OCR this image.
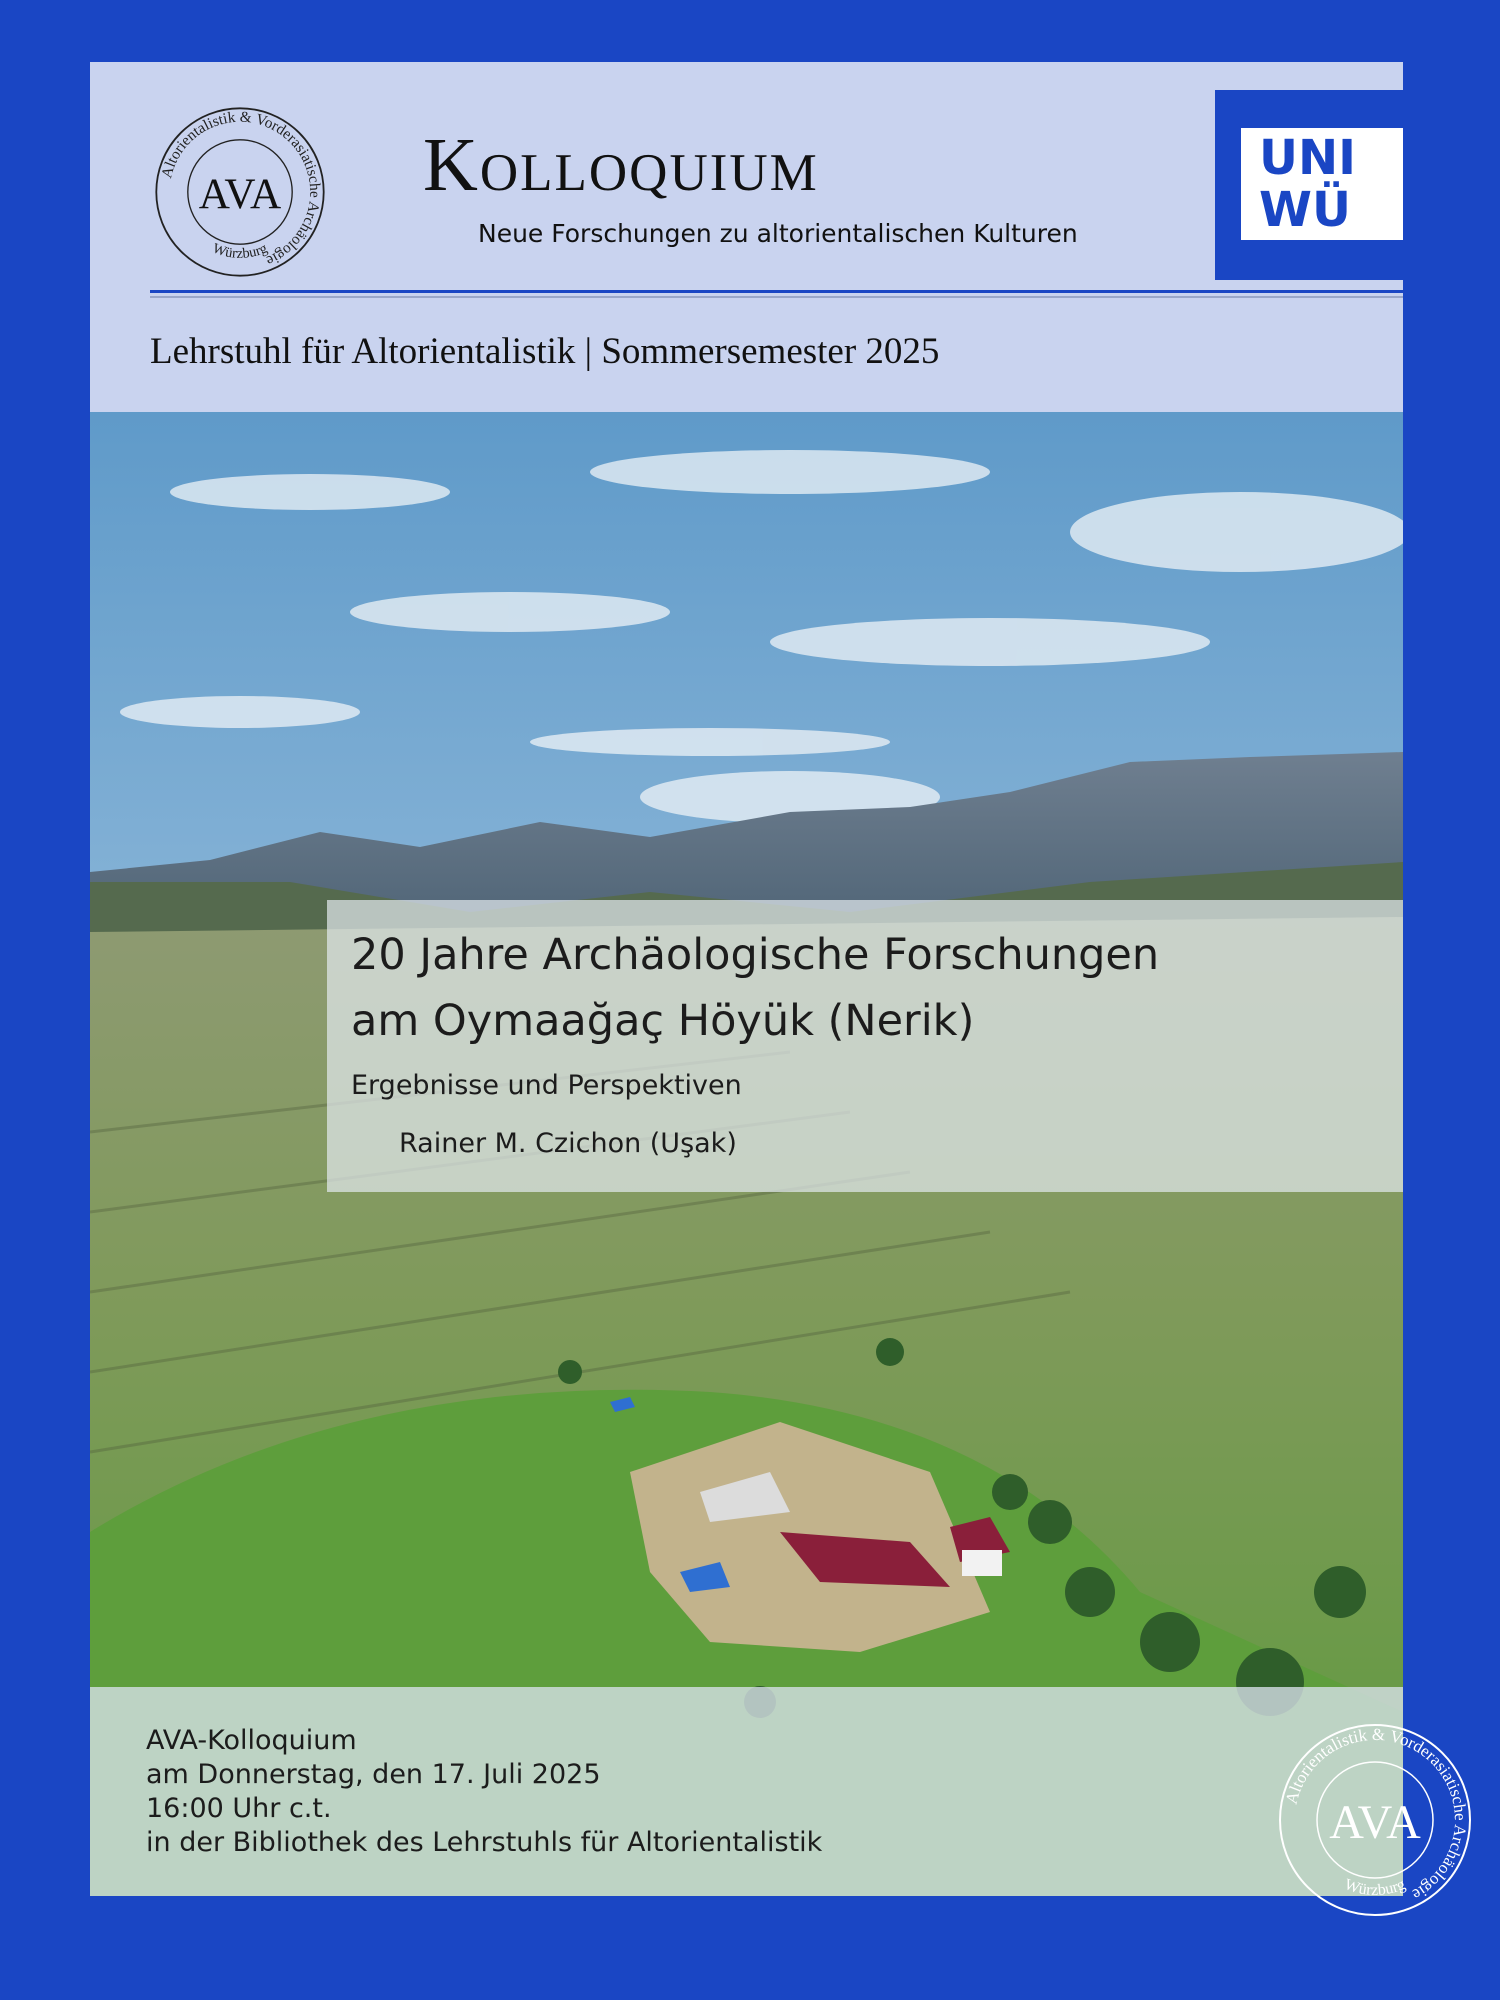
Altorientalistik & Vorderasiatische Archäologie
Würzburg
AVA Kolloquium
Neue Forschungen zu altorientalischen Kulturen
UNI
WÜ
Lehrstuhl für Altorientalistik | Sommersemester 2025
20 Jahre Archäologische Forschungen
am Oymaağaç Höyük (Nerik)
Ergebnisse und Perspektiven
Rainer M. Czichon (Uşak)
AVA-Kolloquium
am Donnerstag, den 17. Juli 2025
16:00 Uhr c.t.
in der Bibliothek des Lehrstuhls für Altorientalistik
Altorientalistik & Vorderasiatische Archäologie
Würzburg
AVA
